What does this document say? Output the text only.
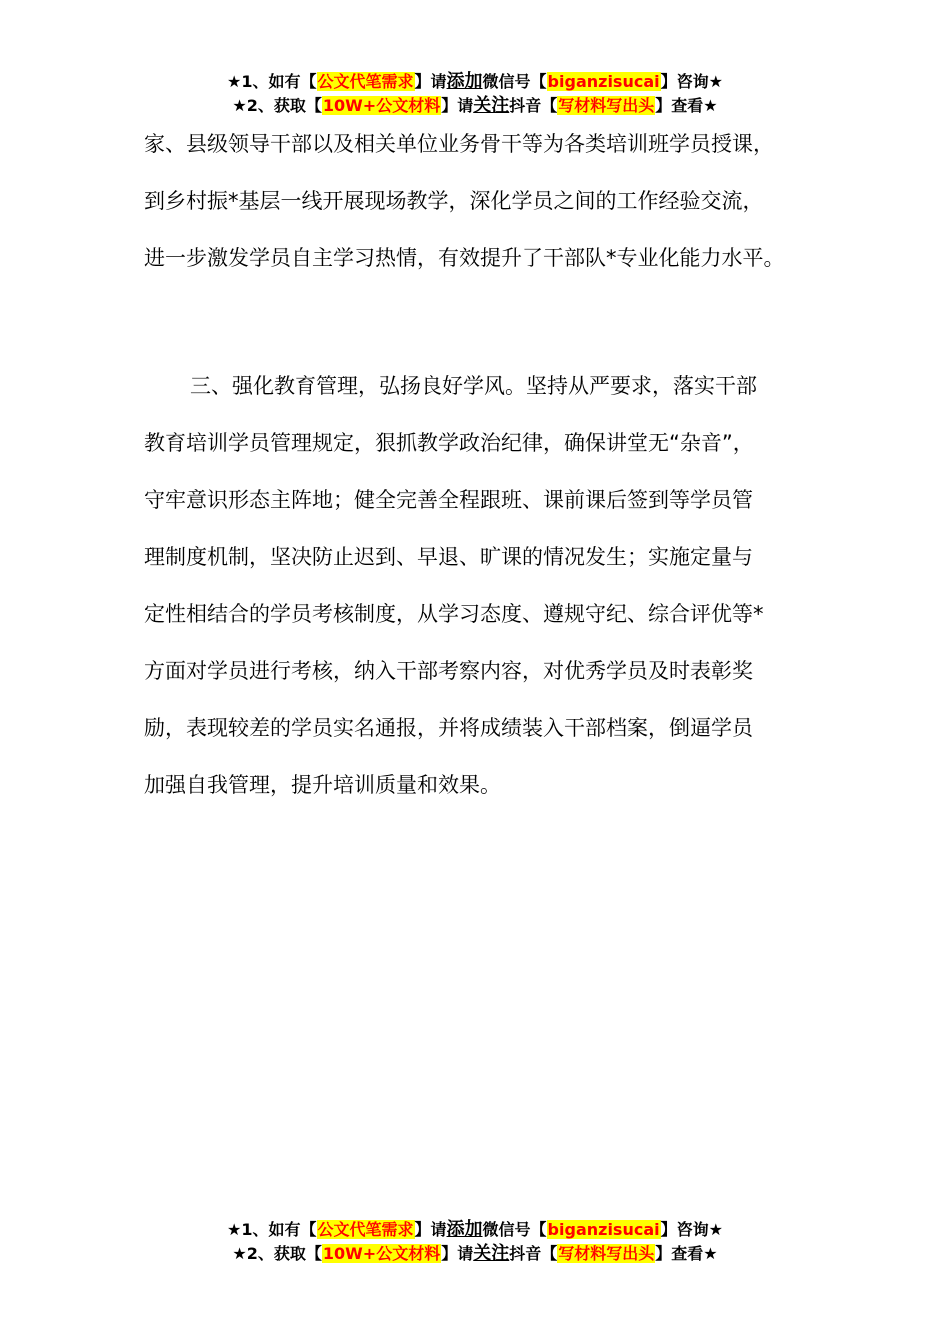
★1、如有【公文代笔需求】请添加微信号【biganzisucai】咨询★
★2、获取【10W+公文材料】请关注抖音【写材料写出头】查看★
家、县级领导干部以及相关单位业务骨干等为各类培训班学员授课，
到乡村振*基层一线开展现场教学，深化学员之间的工作经验交流，
进一步激发学员自主学习热情，有效提升了干部队*专业化能力水平。
三、强化教育管理，弘扬良好学风。坚持从严要求，落实干部
教育培训学员管理规定，狠抓教学政治纪律，确保讲堂无“杂音”，
守牢意识形态主阵地；健全完善全程跟班、课前课后签到等学员管
理制度机制，坚决防止迟到、早退、旷课的情况发生；实施定量与
定性相结合的学员考核制度，从学习态度、遵规守纪、综合评优等*
方面对学员进行考核，纳入干部考察内容，对优秀学员及时表彰奖
励，表现较差的学员实名通报，并将成绩装入干部档案，倒逼学员
加强自我管理，提升培训质量和效果。
★1、如有【公文代笔需求】请添加微信号【biganzisucai】咨询★
★2、获取【10W+公文材料】请关注抖音【写材料写出头】查看★
